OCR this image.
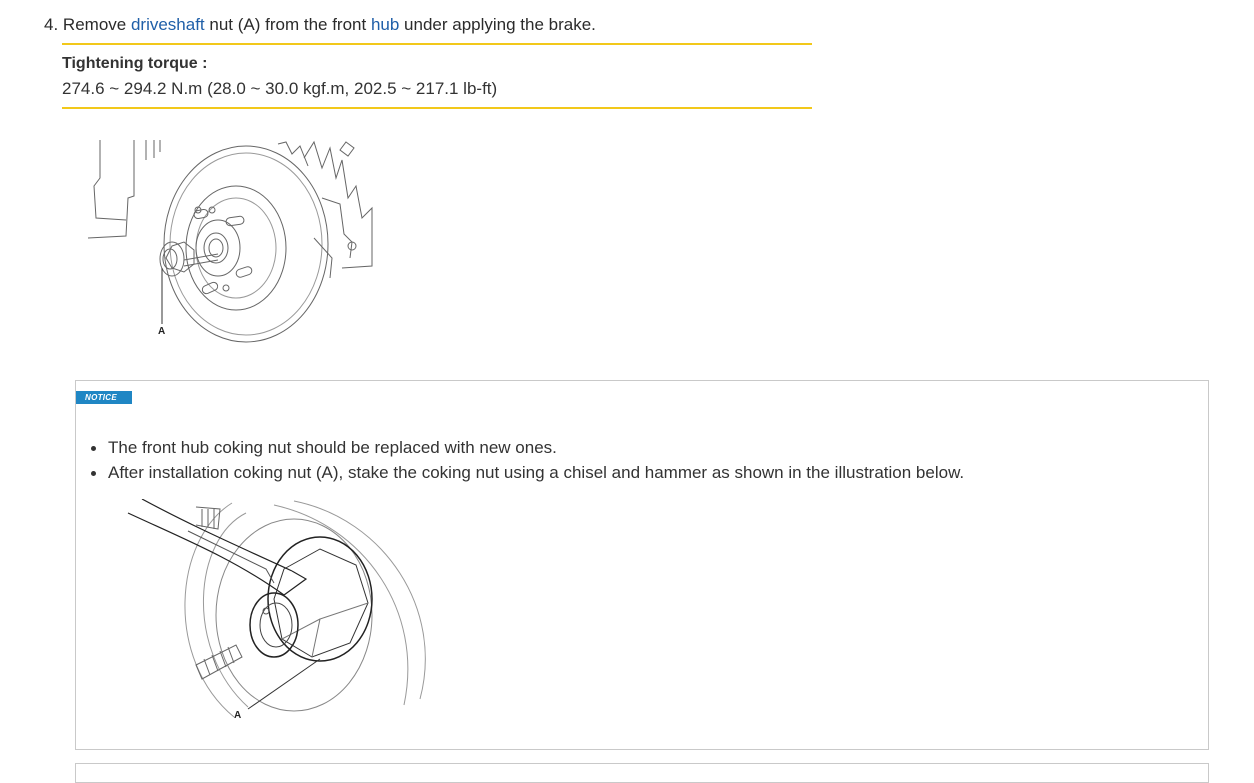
4. Remove driveshaft nut (A) from the front hub under applying the brake.
Tightening torque :
274.6 ~ 294.2 N.m (28.0 ~ 30.0 kgf.m, 202.5 ~ 217.1 lb-ft)
A
NOTICE
The front hub coking nut should be replaced with new ones.
After installation coking nut (A), stake the coking nut using a chisel and hammer as shown in the illustration below.
A
